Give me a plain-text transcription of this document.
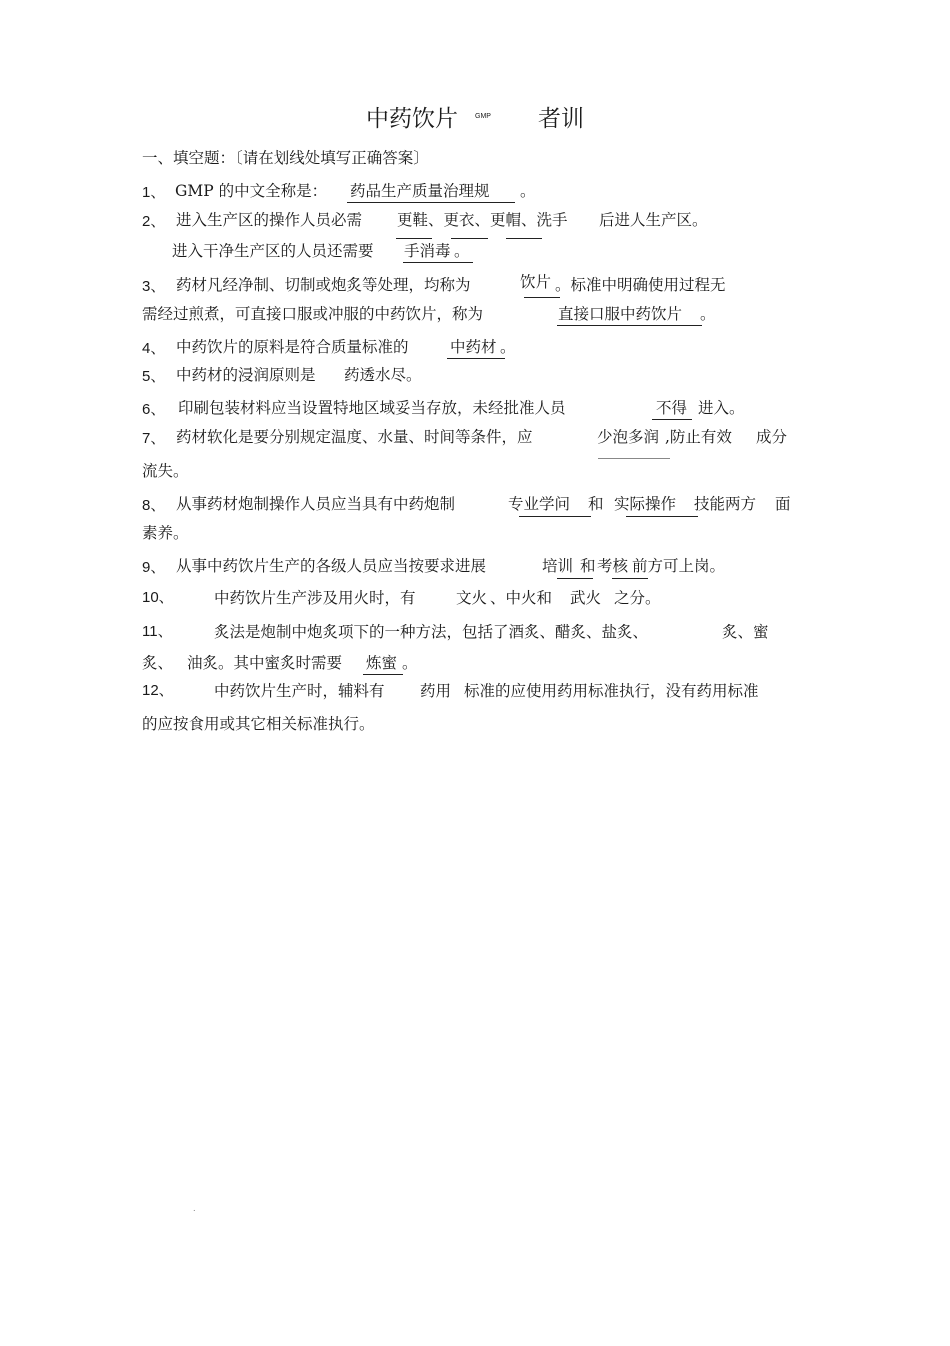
中药饮片 GMP 者训
一、填空题：〔请在划线处填写正确答案〕
1、 GMP 的中文全称是： 药品生产质量治理规 。
2、 进入生产区的操作人员必需 更鞋、更衣、更帽、洗手 后进人生产区。
进入干净生产区的人员还需要 手消毒 。
3、 药材凡经净制、切制或炮炙等处理，均称为	饮片 。标准中明确使用过程无
需经过煎煮，可直接口服或冲服的中药饮片，称为	直接口服中药饮片 。
4、 中药饮片的原料是符合质量标准的	中药材 。
5、 中药材的浸润原则是 药透水尽 。
6、 印刷包装材料应当设置特地区域妥当存放，未经批准人员	不得 进入。
7、 药材软化是要分别规定温度、水量、时间等条件，应	少泡多润 ,防止有效 成分
流失。
8、 从事药材炮制操作人员应当具有中药炮制	专业学问 和 实际操作 技能两方 面
素养。
9、 从事中药饮片生产的各级人员应当按要求进展	培训 和 考核 前方可上岗。
10、	中药饮片生产涉及用火时，有	文火 、中火和 武火 之分。
11、	炙法是炮制中炮炙项下的一种方法，包括了酒炙、醋炙、盐炙、	炙、蜜
炙、 油炙。其中蜜炙时需要 炼蜜 。
12、	中药饮片生产时，辅料有 药用 标准的应使用药用标准执行，没有药用标准
的应按食用或其它相关标准执行。
.
